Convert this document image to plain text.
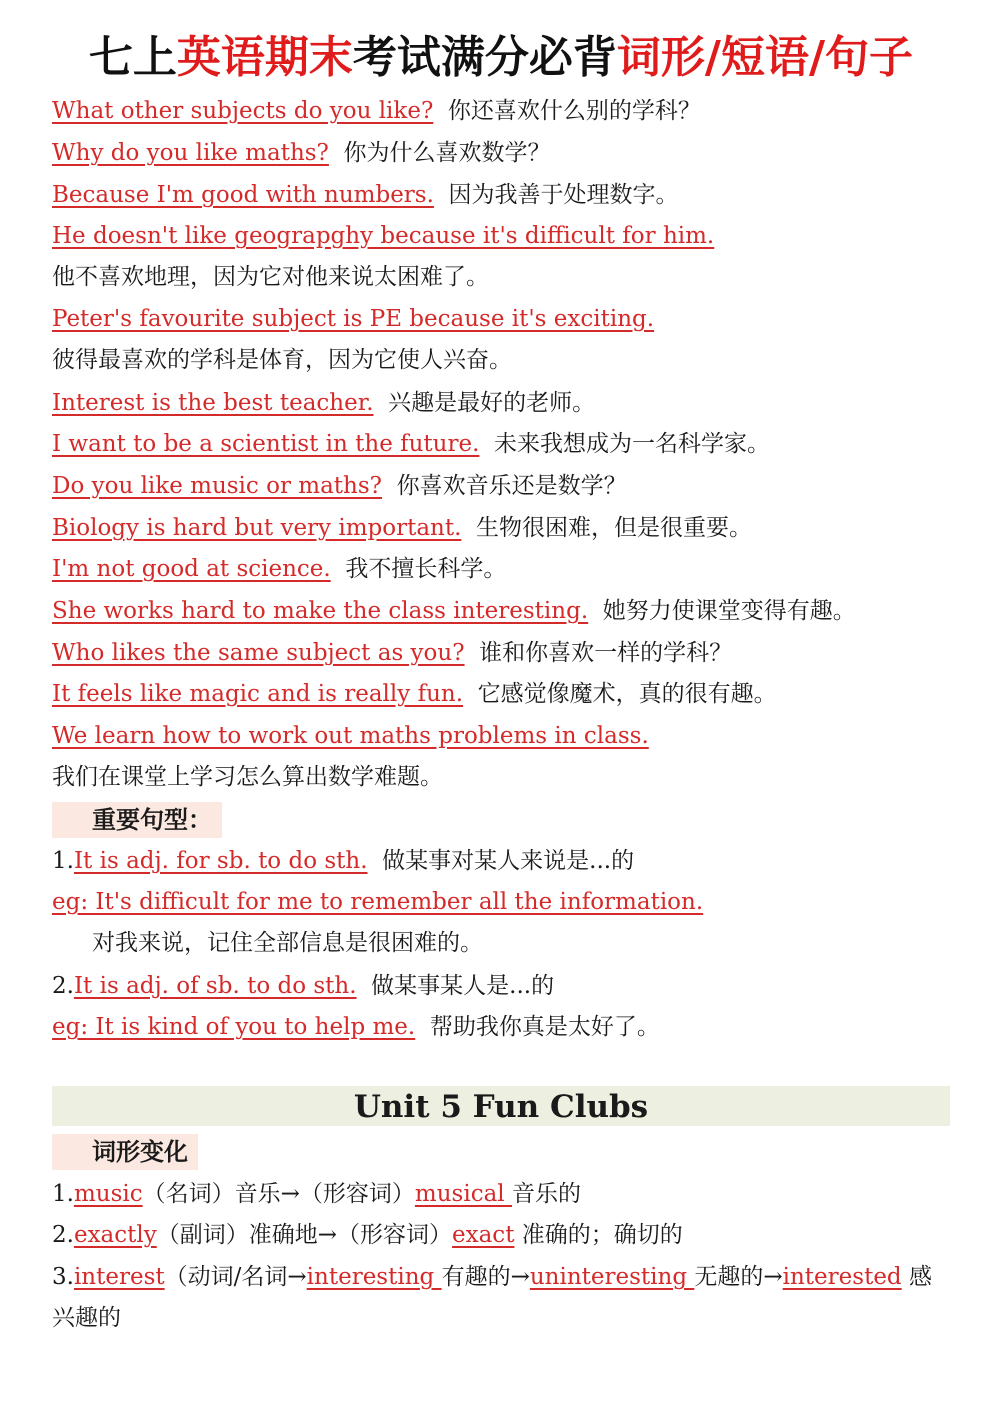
七上英语期末考试满分必背词形/短语/句子
What other subjects do you like? 你还喜欢什么别的学科？
Why do you like maths? 你为什么喜欢数学？
Because I'm good with numbers. 因为我善于处理数字。
He doesn't like geograpghy because it's difficult for him.
他不喜欢地理，因为它对他来说太困难了。
Peter's favourite subject is PE because it's exciting.
彼得最喜欢的学科是体育，因为它使人兴奋。
Interest is the best teacher. 兴趣是最好的老师。
I want to be a scientist in the future. 未来我想成为一名科学家。
Do you like music or maths? 你喜欢音乐还是数学？
Biology is hard but very important. 生物很困难，但是很重要。
I'm not good at science. 我不擅长科学。
She works hard to make the class interesting. 她努力使课堂变得有趣。
Who likes the same subject as you? 谁和你喜欢一样的学科？
It feels like magic and is really fun. 它感觉像魔术，真的很有趣。
We learn how to work out maths problems in class.
我们在课堂上学习怎么算出数学难题。
重要句型：
1.It is adj. for sb. to do sth. 做某事对某人来说是...的
eg: It's difficult for me to remember all the information.
对我来说，记住全部信息是很困难的。
2.It is adj. of sb. to do sth. 做某事某人是...的
eg: It is kind of you to help me. 帮助我你真是太好了。
Unit 5 Fun Clubs
词形变化
1.music（名词）音乐→（形容词）musical 音乐的
2.exactly（副词）准确地→（形容词）exact 准确的；确切的
3.interest（动词/名词→interesting 有趣的→uninteresting 无趣的→interested 感
兴趣的
